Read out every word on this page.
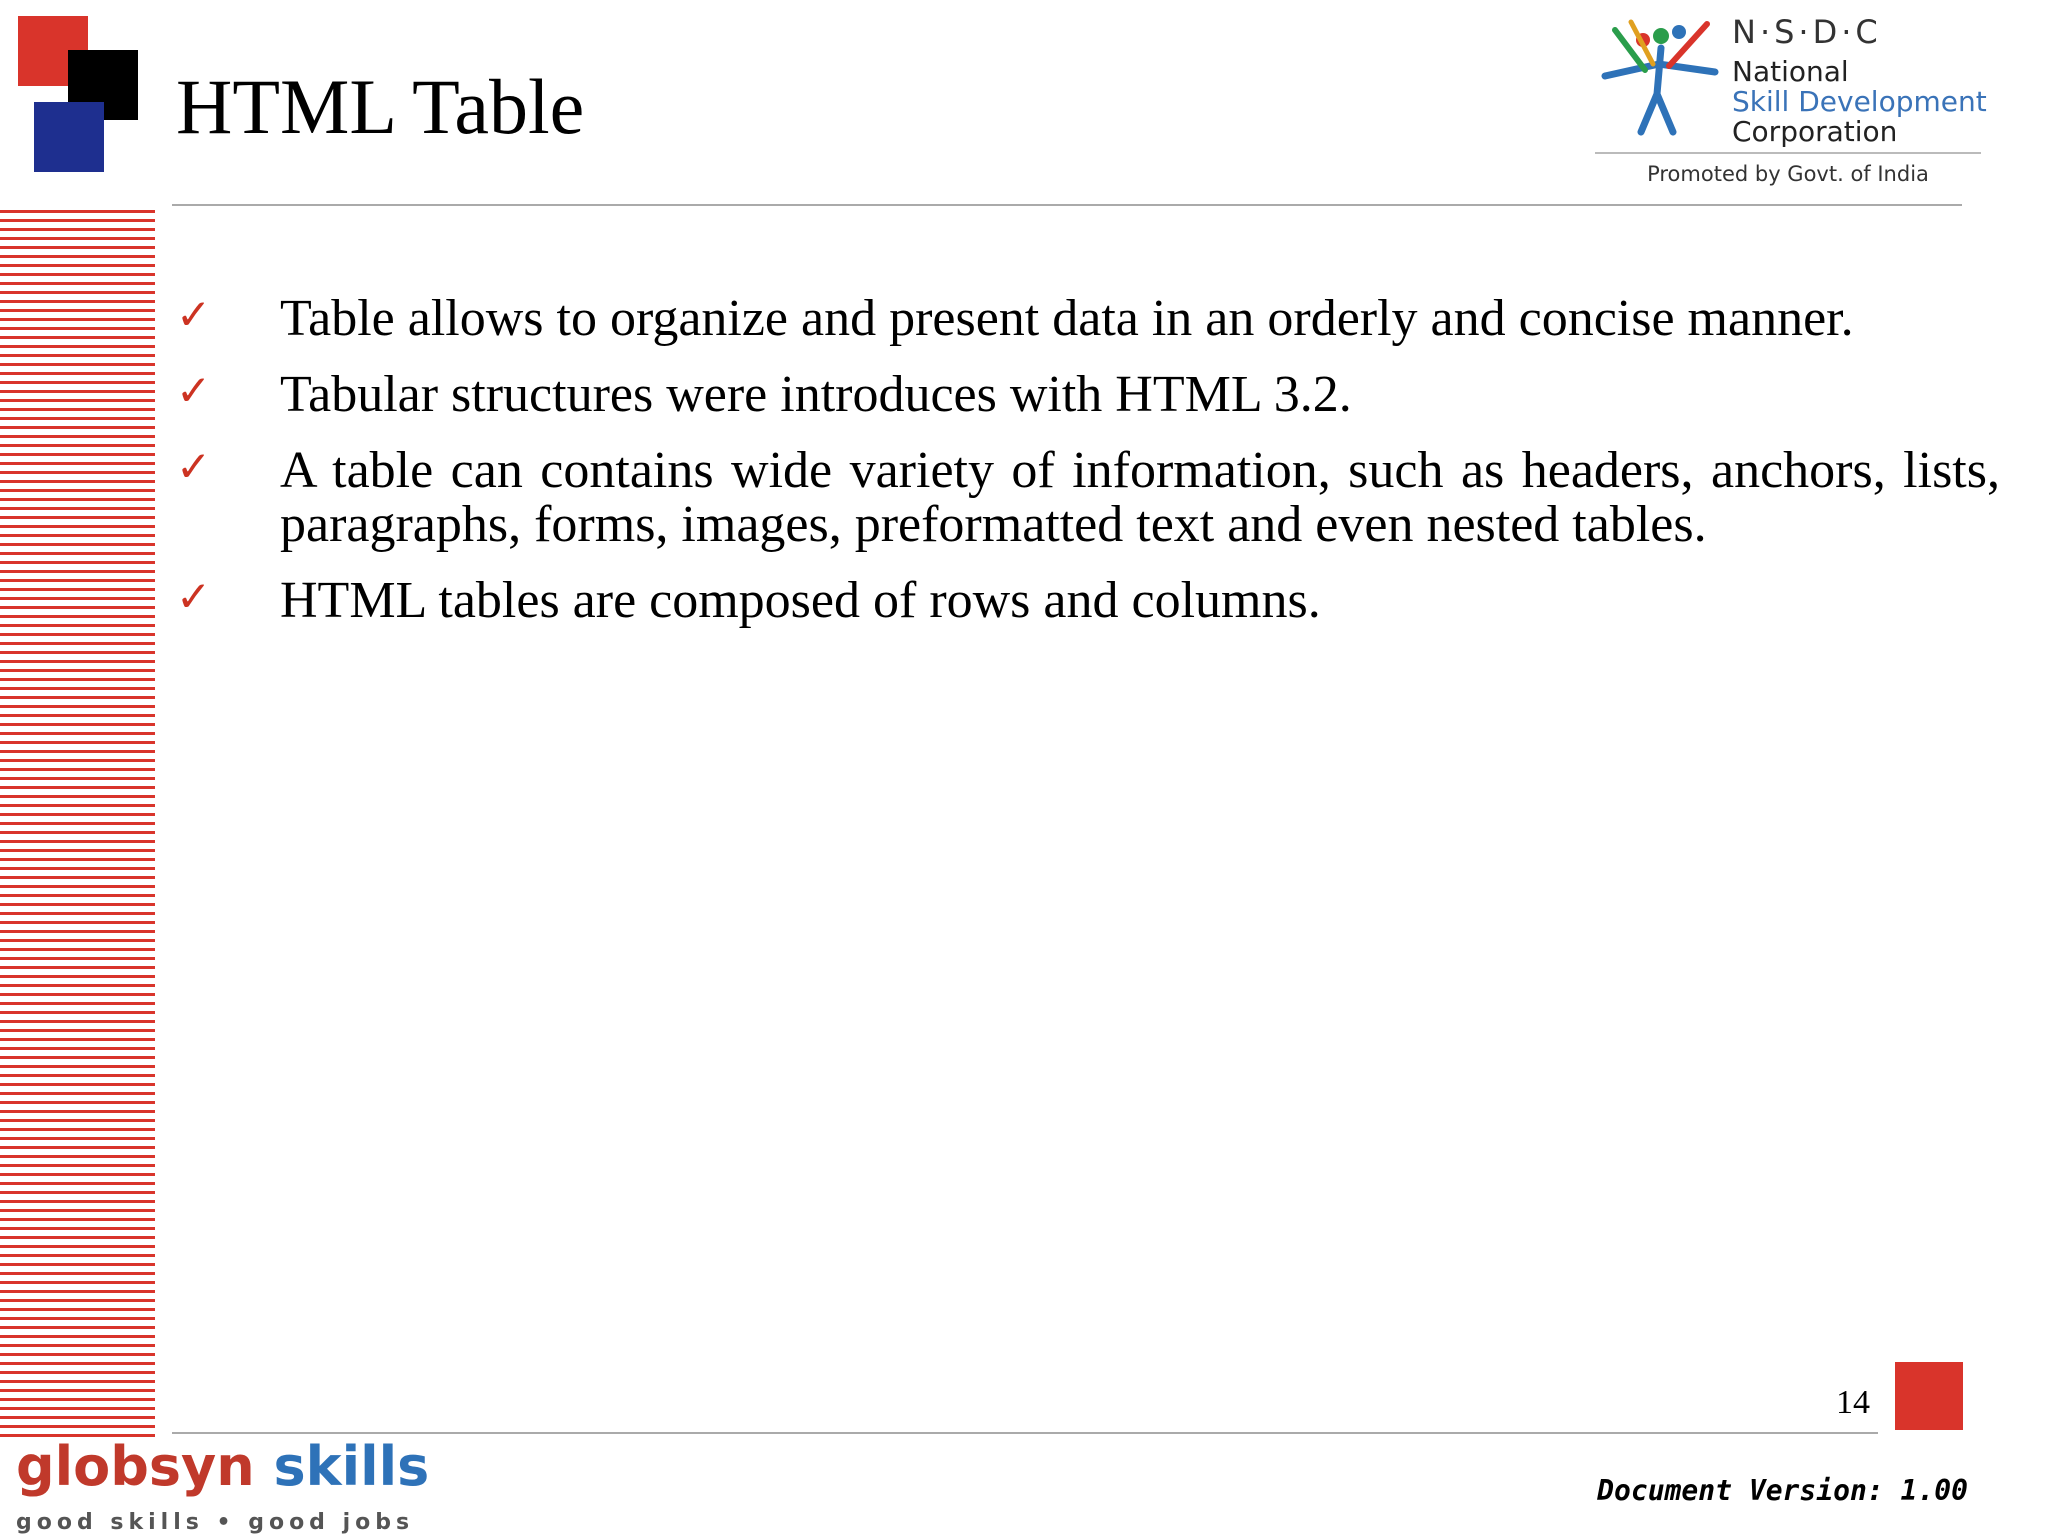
HTML Table
N·S·D·C
National
Skill Development
Corporation
Promoted by Govt. of India
✓ Table allows to organize and present data in an orderly and concise manner.
✓ Tabular structures were introduces with HTML 3.2.
✓ A table can contains wide variety of information, such as headers, anchors, lists, paragraphs, forms, images, preformatted text and even nested tables.
✓ HTML tables are composed of rows and columns.
14
globsyn skills
good skills • good jobs
Document Version: 1.00
